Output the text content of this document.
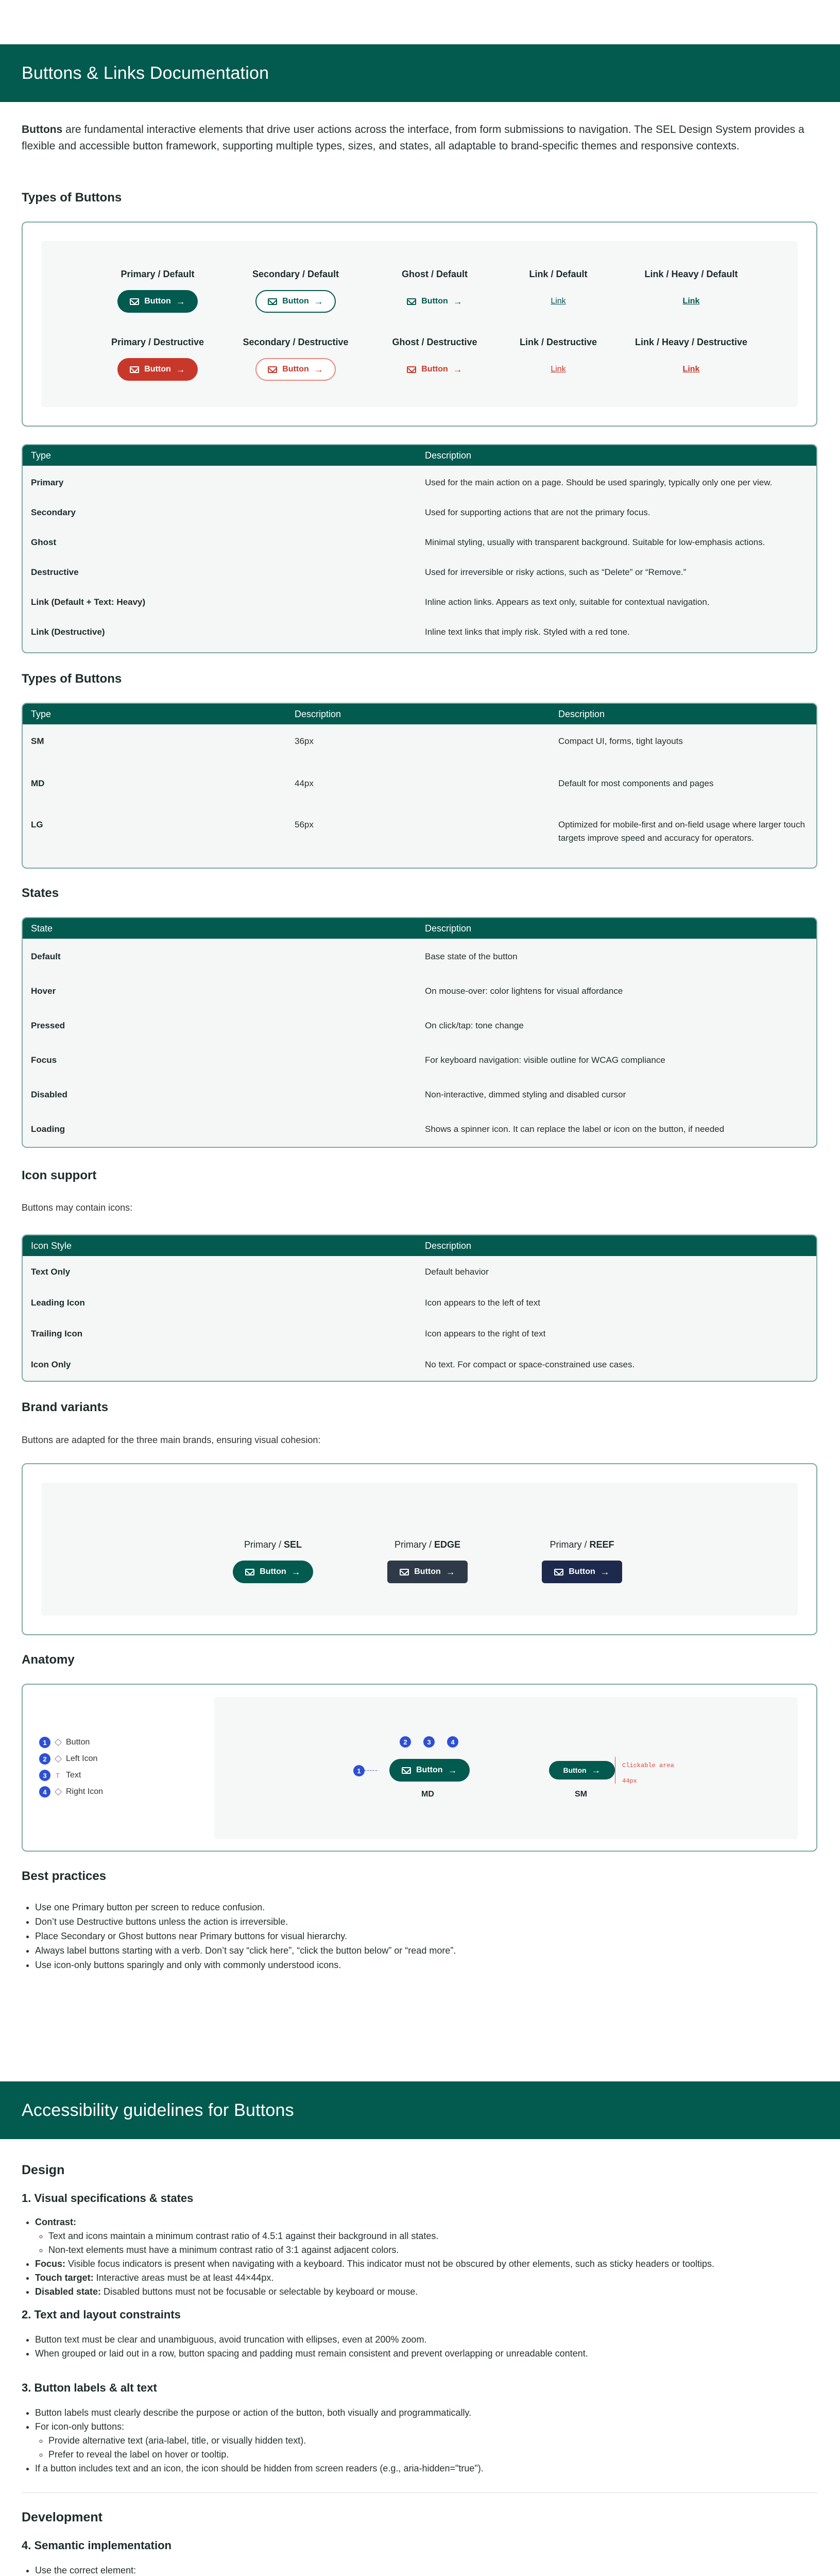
Buttons & Links Documentation
Buttons are fundamental interactive elements that drive user actions across the interface, from form submissions to navigation. The SEL Design System provides a flexible and accessible button framework, supporting multiple types, sizes, and states, all adaptable to brand-specific themes and responsive contexts.
Types of Buttons
Primary / Default
Button →
Secondary / Default
Button →
Ghost / Default
Button →
Link / Default
Link
Link / Heavy / Default
Link
Primary / Destructive
Button →
Secondary / Destructive
Button →
Ghost / Destructive
Button →
Link / Destructive
Link
Link / Heavy / Destructive
Link
Type	Description
Primary	Used for the main action on a page. Should be used sparingly, typically only one per view.
Secondary	Used for supporting actions that are not the primary focus.
Ghost	Minimal styling, usually with transparent background. Suitable for low-emphasis actions.
Destructive	Used for irreversible or risky actions, such as “Delete” or “Remove.”
Link (Default + Text: Heavy)	Inline action links. Appears as text only, suitable for contextual navigation.
Link (Destructive)	Inline text links that imply risk. Styled with a red tone.
Types of Buttons
Type	Description	Description
SM	36px	Compact UI, forms, tight layouts
MD	44px	Default for most components and pages
LG	56px	Optimized for mobile-first and on-field usage where larger touch targets improve speed and accuracy for operators.
States
State	Description
Default	Base state of the button
Hover	On mouse-over: color lightens for visual affordance
Pressed	On click/tap: tone change
Focus	For keyboard navigation: visible outline for WCAG compliance
Disabled	Non-interactive, dimmed styling and disabled cursor
Loading	Shows a spinner icon. It can replace the label or icon on the button, if needed
Icon support

Buttons may contain icons:

Icon Style	Description
Text Only	Default behavior
Leading Icon	Icon appears to the left of text
Trailing Icon	Icon appears to the right of text
Icon Only	No text. For compact or space-constrained use cases.
Brand variants

Buttons are adapted for the three main brands, ensuring visual cohesion:

Primary / SEL
Button →
Primary / EDGE
Button →
Primary / REEF
Button →
Anatomy
1	Button
2	Left Icon
3	T Text
4	Right Icon
1
2	3	4
Button →
MD
Button →	Clickable area
44px
SM
Best practices
• Use one Primary button per screen to reduce confusion.
• Don’t use Destructive buttons unless the action is irreversible.
• Place Secondary or Ghost buttons near Primary buttons for visual hierarchy.
• Always label buttons starting with a verb. Don’t say “click here”, “click the button below” or “read more”.
• Use icon-only buttons sparingly and only with commonly understood icons.
Accessibility guidelines for Buttons
Design
1. Visual specifications & states
• Contrast:
◦ Text and icons maintain a minimum contrast ratio of 4.5:1 against their background in all states.
◦ Non-text elements must have a minimum contrast ratio of 3:1 against adjacent colors.
• Focus: Visible focus indicators is present when navigating with a keyboard. This indicator must not be obscured by other elements, such as sticky headers or tooltips.
• Touch target: Interactive areas must be at least 44×44px.
• Disabled state: Disabled buttons must not be focusable or selectable by keyboard or mouse.
2. Text and layout constraints
• Button text must be clear and unambiguous, avoid truncation with ellipses, even at 200% zoom.
• When grouped or laid out in a row, button spacing and padding must remain consistent and prevent overlapping or unreadable content.
3. Button labels & alt text
• Button labels must clearly describe the purpose or action of the button, both visually and programmatically.
• For icon-only buttons:
◦ Provide alternative text (aria-label, title, or visually hidden text).
◦ Prefer to reveal the label on hover or tooltip.
• If a button includes text and an icon, the icon should be hidden from screen readers (e.g., aria-hidden="true").
Development
4. Semantic implementation
• Use the correct element:
